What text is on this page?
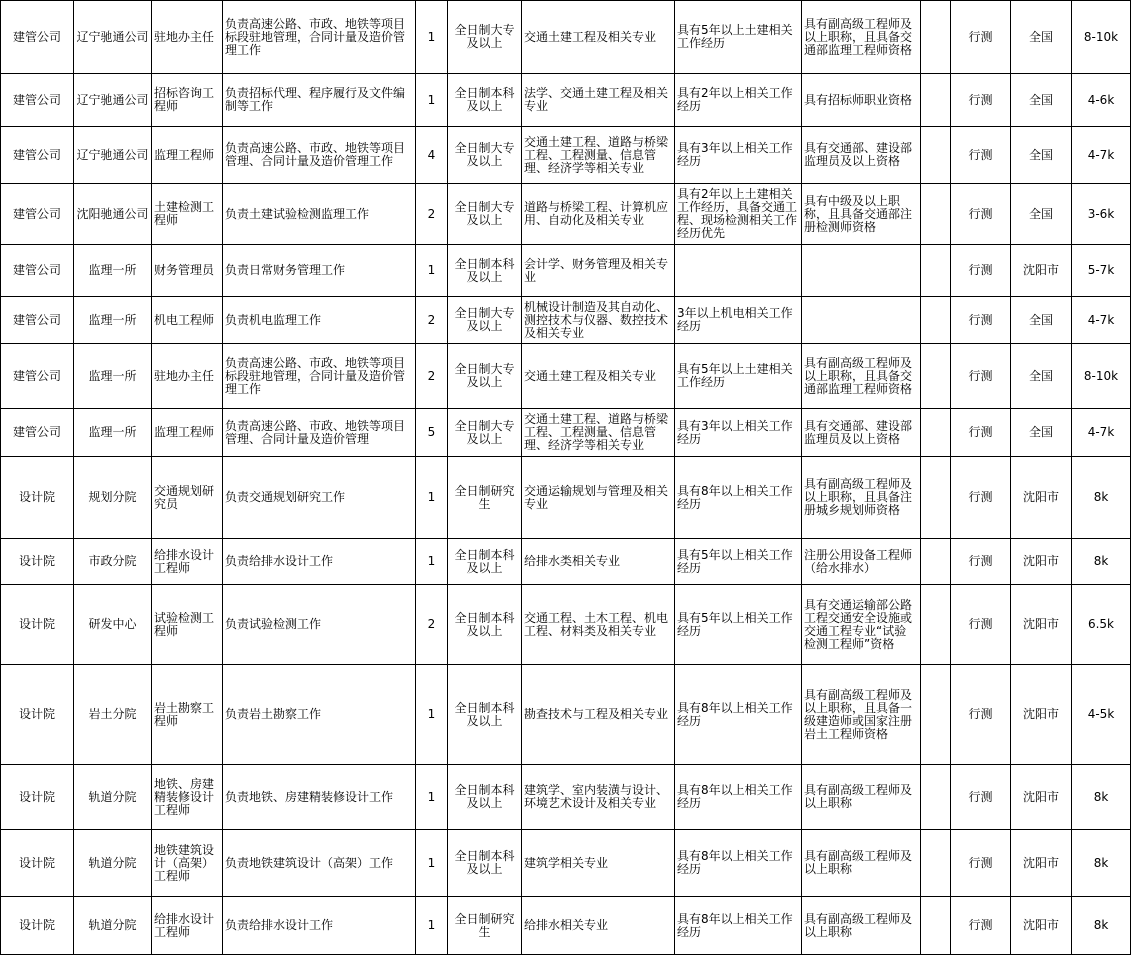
建管公司	辽宁驰通公司	驻地办主任	负责高速公路、市政、地铁等项目标段驻地管理，合同计量及造价管理工作	1	全日制大专及以上	交通土建工程及相关专业	具有5年以上土建相关工作经历	具有副高级工程师及以上职称，且具备交通部监理工程师资格		行测	全国	8-10k

建管公司	辽宁驰通公司	招标咨询工程师	负责招标代理、程序履行及文件编制等工作	1	全日制本科及以上	法学、交通土建工程及相关专业	具有2年以上相关工作经历	具有招标师职业资格		行测	全国	4-6k

建管公司	辽宁驰通公司	监理工程师	负责高速公路、市政、地铁等项目管理、合同计量及造价管理工作	4	全日制大专及以上	交通土建工程、道路与桥梁工程、工程测量、信息管理、经济学等相关专业	具有3年以上相关工作经历	具有交通部、建设部监理员及以上资格		行测	全国	4-7k

建管公司	沈阳驰通公司	土建检测工程师	负责土建试验检测监理工作	2	全日制大专及以上	道路与桥梁工程、计算机应用、自动化及相关专业	具有2年以上土建相关工作经历，具备交通工程、现场检测相关工作经历优先	具有中级及以上职称，且具备交通部注册检测师资格		行测	全国	3-6k

建管公司	监理一所	财务管理员	负责日常财务管理工作	1	全日制本科及以上	会计学、财务管理及相关专业				行测	沈阳市	5-7k

建管公司	监理一所	机电工程师	负责机电监理工作	2	全日制大专及以上	机械设计制造及其自动化、测控技术与仪器、数控技术及相关专业	3年以上机电相关工作经历			行测	全国	4-7k

建管公司	监理一所	驻地办主任	负责高速公路、市政、地铁等项目标段驻地管理，合同计量及造价管理工作	2	全日制大专及以上	交通土建工程及相关专业	具有5年以上土建相关工作经历	具有副高级工程师及以上职称，且具备交通部监理工程师资格		行测	全国	8-10k

建管公司	监理一所	监理工程师	负责高速公路、市政、地铁等项目管理、合同计量及造价管理	5	全日制大专及以上	交通土建工程、道路与桥梁工程、工程测量、信息管理、经济学等相关专业	具有3年以上相关工作经历	具有交通部、建设部监理员及以上资格		行测	全国	4-7k

设计院	规划分院	交通规划研究员	负责交通规划研究工作	1	全日制研究生	交通运输规划与管理及相关专业	具有8年以上相关工作经历	具有副高级工程师及以上职称，且具备注册城乡规划师资格		行测	沈阳市	8k

设计院	市政分院	给排水设计工程师	负责给排水设计工作	1	全日制本科及以上	给排水类相关专业	具有5年以上相关工作经历	注册公用设备工程师（给水排水）		行测	沈阳市	8k

设计院	研发中心	试验检测工程师	负责试验检测工作	2	全日制本科及以上	交通工程、土木工程、机电工程、材料类及相关专业	具有5年以上相关工作经历	具有交通运输部公路工程交通安全设施或交通工程专业“试验检测工程师”资格		行测	沈阳市	6.5k

设计院	岩土分院	岩土勘察工程师	负责岩土勘察工作	1	全日制本科及以上	勘查技术与工程及相关专业	具有8年以上相关工作经历	具有副高级工程师及以上职称，且具备一级建造师或国家注册岩土工程师资格		行测	沈阳市	4-5k

设计院	轨道分院	地铁、房建精装修设计工程师	负责地铁、房建精装修设计工作	1	全日制本科及以上	建筑学、室内装潢与设计、环境艺术设计及相关专业	具有8年以上相关工作经历	具有副高级工程师及以上职称		行测	沈阳市	8k

设计院	轨道分院	地铁建筑设计（高架）工程师	负责地铁建筑设计（高架）工作	1	全日制本科及以上	建筑学相关专业	具有8年以上相关工作经历	具有副高级工程师及以上职称		行测	沈阳市	8k

设计院	轨道分院	给排水设计工程师	负责给排水设计工作	1	全日制研究生	给排水相关专业	具有8年以上相关工作经历	具有副高级工程师及以上职称		行测	沈阳市	8k
